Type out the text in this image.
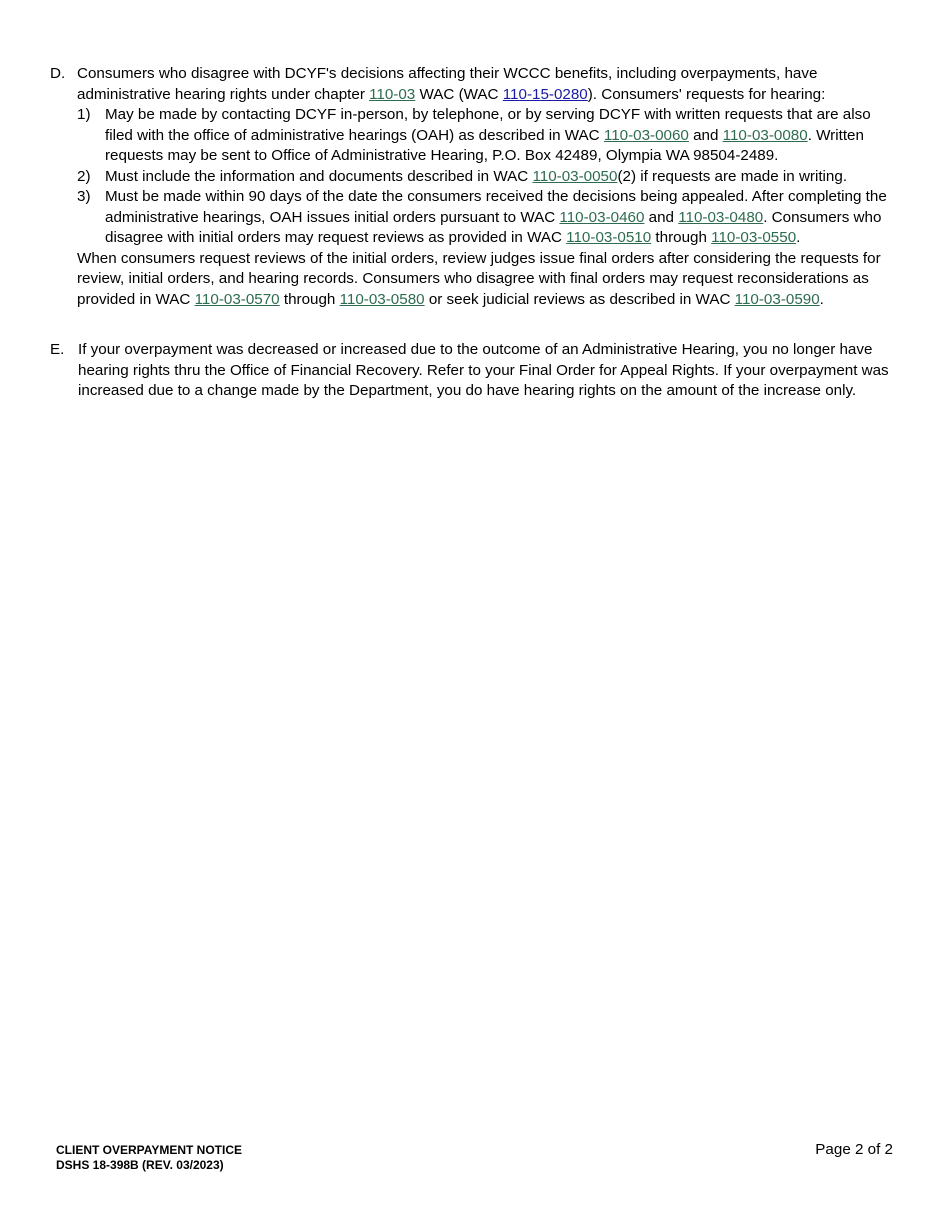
D. Consumers who disagree with DCYF's decisions affecting their WCCC benefits, including overpayments, have administrative hearing rights under chapter 110-03 WAC (WAC 110-15-0280). Consumers' requests for hearing:
1) May be made by contacting DCYF in-person, by telephone, or by serving DCYF with written requests that are also filed with the office of administrative hearings (OAH) as described in WAC 110-03-0060 and 110-03-0080. Written requests may be sent to Office of Administrative Hearing, P.O. Box 42489, Olympia WA 98504-2489.
2) Must include the information and documents described in WAC 110-03-0050(2) if requests are made in writing.
3) Must be made within 90 days of the date the consumers received the decisions being appealed. After completing the administrative hearings, OAH issues initial orders pursuant to WAC 110-03-0460 and 110-03-0480. Consumers who disagree with initial orders may request reviews as provided in WAC 110-03-0510 through 110-03-0550.
When consumers request reviews of the initial orders, review judges issue final orders after considering the requests for review, initial orders, and hearing records. Consumers who disagree with final orders may request reconsiderations as provided in WAC 110-03-0570 through 110-03-0580 or seek judicial reviews as described in WAC 110-03-0590.
E. If your overpayment was decreased or increased due to the outcome of an Administrative Hearing, you no longer have hearing rights thru the Office of Financial Recovery. Refer to your Final Order for Appeal Rights. If your overpayment was increased due to a change made by the Department, you do have hearing rights on the amount of the increase only.
CLIENT OVERPAYMENT NOTICE
DSHS 18-398B (REV. 03/2023)
Page 2 of 2
